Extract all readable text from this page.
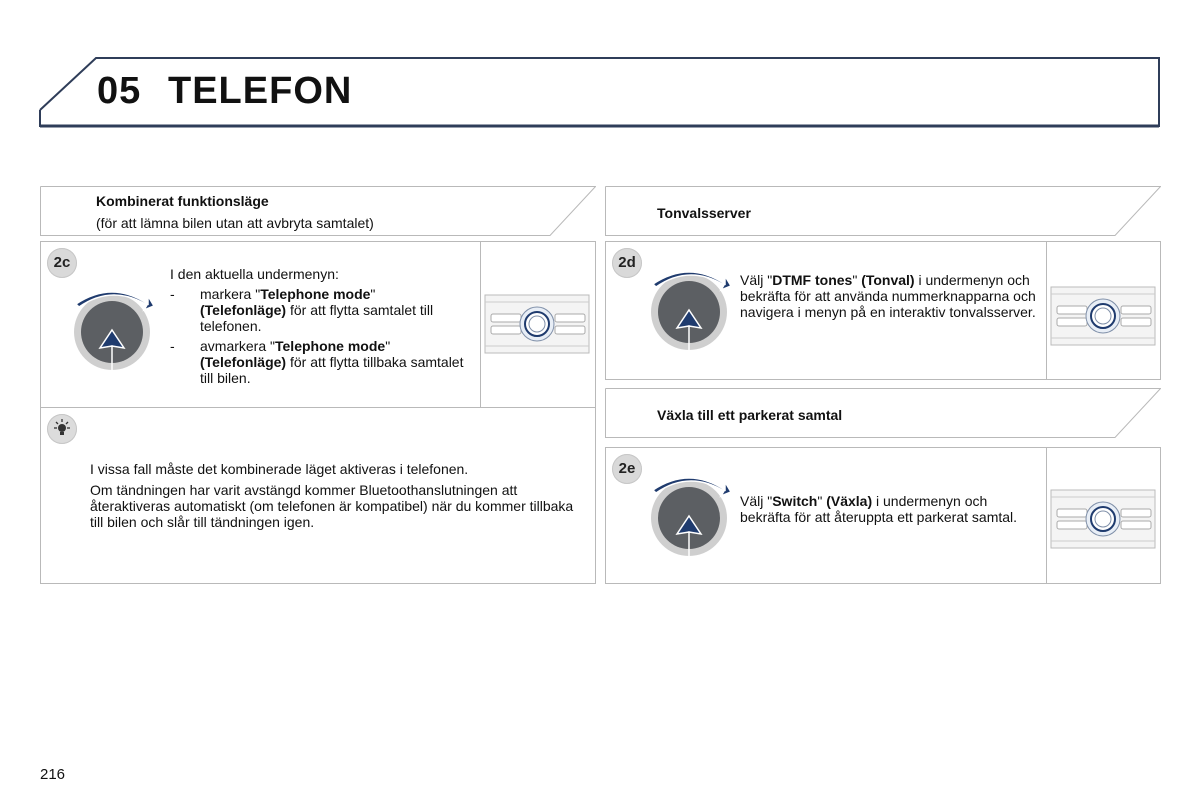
05 TELEFON
Kombinerat funktionsläge
(för att lämna bilen utan att avbryta samtalet)
2c
I den aktuella undermenyn:
- markera "Telephone mode"
(Telefonläge) för att flytta samtalet till telefonen.
- avmarkera "Telephone mode"
(Telefonläge) för att flytta tillbaka samtalet till bilen.

I vissa fall måste det kombinerade läget aktiveras i telefonen.

Om tändningen har varit avstängd kommer Bluetoothanslutningen att återaktiveras automatiskt (om telefonen är kompatibel) när du kommer tillbaka till bilen och slår till tändningen igen.

Tonvalsserver
2d
Välj "DTMF tones" (Tonval) i undermenyn och bekräfta för att använda nummerknapparna och navigera i menyn på en interaktiv tonvalsserver.
Växla till ett parkerat samtal
2e
Välj "Switch" (Växla) i undermenyn och bekräfta för att återuppta ett parkerat samtal.
216
